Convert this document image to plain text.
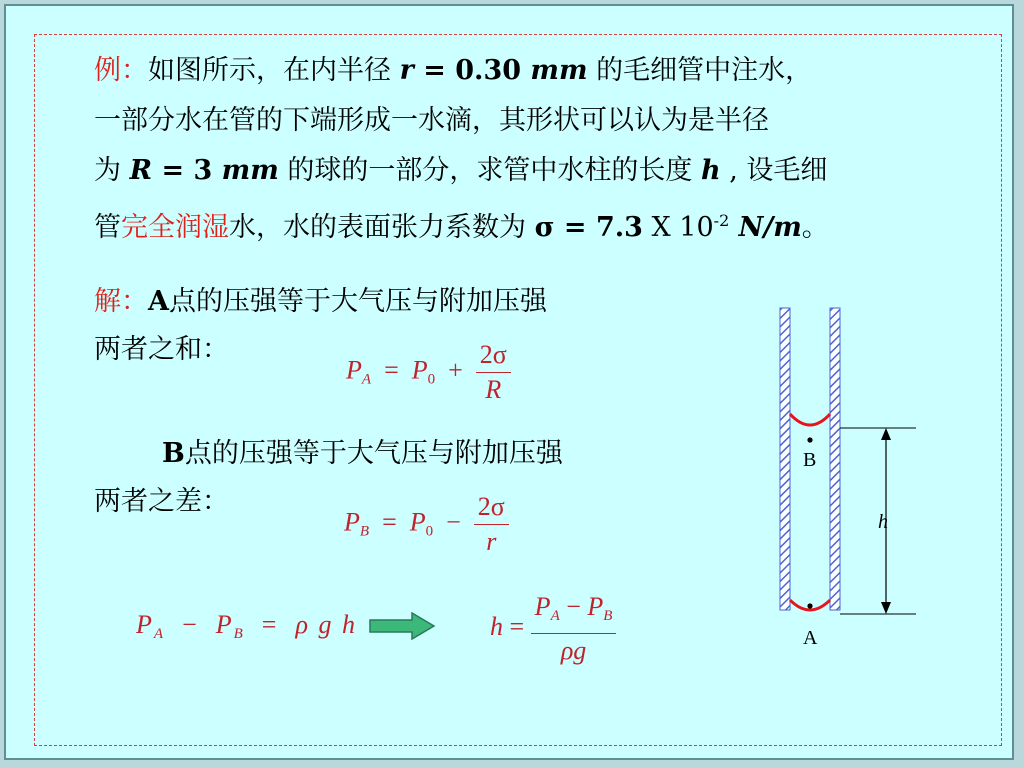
例：如图所示，在内半径 r = 0.30 mm 的毛细管中注水，
一部分水在管的下端形成一水滴，其形状可以认为是半径
为 R = 3 mm 的球的一部分，求管中水柱的长度 h , 设毛细
管完全润湿水，水的表面张力系数为 σ = 7.3 X $10^{-2}$ N/m。
解：A点的压强等于大气压与附加压强
两者之和：
$P_A = P_0 + \frac{2\sigma}{R}$
B点的压强等于大气压与附加压强
两者之差：
$P_B = P_0 - \frac{2\sigma}{r}$
$P_A - P_B = \rho$ g h	$h = \frac{P_A - P_B}{\rho g}$
B
A
h
